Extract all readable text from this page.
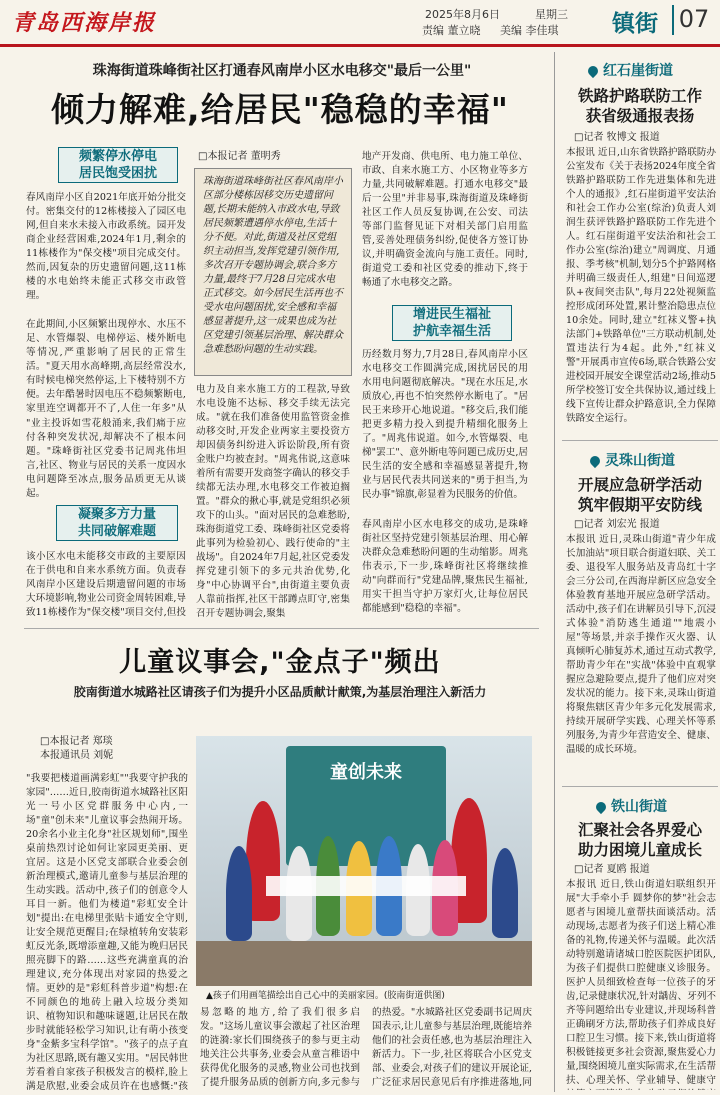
青岛西海岸报	2025年8月6日	星期三
责编 董立晓 美编 李佳琪 镇街 07
珠海街道珠峰街社区打通春风南岸小区水电移交"最后一公里"
倾力解难,给居民"稳稳的幸福"
频繁停水停电
居民饱受困扰
春风南岸小区自2021年底开始分批交付。密集交付的12栋楼接入了园区电网,但自来水未接入市政系统。园开发商企业经营困难,2024年1月,剩余的11栋楼作为"保交楼"项目完成交付。然而,因复杂的历史遗留问题,这11栋楼的水电始终未能正式移交市政管理。
在此期间,小区频繁出现停水、水压不足、水管爆裂、电梯停运、楼外断电等情况,严重影响了居民的正常生活。"夏天用水高峰期,高层经常没水,有时候电梯突然停运,上下楼特别不方便。去年酷暑时因电压不稳频繁断电,家里连空调都开不了,人住一年多"从
"业主投诉如雪花般涌来,我们痛于应付各种突发状况,却解决不了根本问题。"珠峰街社区党委书记周兆伟坦言,社区、物业与居民的关系一度因水电问题降至冰点,服务品质更无从谈起。
凝聚多方力量
共同破解难题
该小区水电未能移交市政的主要原因在于供电和自来水系统方面。负责春风南岸小区建设后期遗留问题的市场大环境影响,物业公司资金周转困难,导致11栋楼作为"保交楼"项目交付,但投
□本报记者 董明秀
珠海街道珠峰街社区春风南岸小区部分楼栋因移交历史遗留问题,长期未能纳入市政水电,导致居民频繁遭遇停水停电,生活十分不便。对此,街道及社区党组织主动担当,发挥党建引领作用,多次召开专题协调会,联合多方力量,最终于7月28日完成水电正式移交。如今居民生活再也不受水电问题困扰,安全感和幸福感显著提升,这一成果也成为社区党建引领基层治理、解决群众急难愁盼问题的生动实践。
电力及自来水施工方的工程款,导致水电设施不达标、移交手续无法完成。"就在我们准备使用监管资金推动移交时,开发企业两家主要投资方却因债务纠纷进入诉讼阶段,所有资金账户均被查封。"周兆伟说,这意味着所有需要开发商签字确认的移交手续都无法办理,水电移交工作被迫搁置。"群众的揪心事,就是党组织必须攻下的山头。"面对居民的急难愁盼,珠海街道党工委、珠峰街社区党委将此事列为检验初心、践行使命的"主战场"。自2024年7月起,社区党委发挥党建引领下的多元共治优势,化身"中心协调平台",由街道主要负责人靠前指挥,社区干部蹲点盯守,密集召开专题协调会,聚集
地产开发商、供电所、电力施工单位、市政、自来水施工方、小区物业等多方力量,共同破解难题。打通水电移交"最后一公里"并非易事,珠海街道及珠峰街社区工作人员反复协调,在公安、司法等部门监督见证下对相关部门启用监管,妥善处理债务纠纷,促使各方签订协议,并明确资金流向与施工责任。同时,街道党工委和社区党委的推动下,终于畅通了水电移交之路。
增进民生福祉
护航幸福生活
历经数月努力,7月28日,春风南岸小区水电移交工作圆满完成,困扰居民的用水用电问题彻底解决。"现在水压足,水质放心,再也不怕突然停水断电了。"居民王来珍开心地说道。"移交后,我们能把更多精力投入到提升精细化服务上了。"周兆伟说道。如今,水管爆裂、电梯"罢工"、意外断电等问题已成历史,居民生活的安全感和幸福感显著提升,物业与居民代表共同送来的"勇于担当,为民办事"锦旗,彰显着为民服务的价值。
春风南岸小区水电移交的成功,是珠峰街社区坚持党建引领基层治理、用心解决群众急难愁盼问题的生动缩影。周兆伟表示,下一步,珠峰街社区将继续推动"向群而行"党建品牌,聚焦民生福祉,用实干担当守护万家灯火,让每位居民都能感到"稳稳的幸福"。
儿童议事会,"金点子"频出
胶南街道水城路社区请孩子们为提升小区品质献计献策,为基层治理注入新活力
□本报记者 郑琰
本报通讯员 刘妮
童创未来
▲孩子们用画笔描绘出自己心中的美丽家园。(胶南街道供图)
"我要把楼道画满彩虹""我要守护我的家园"……近日,胶南街道水城路社区阳光一号小区党群服务中心内,一场"童"创未来"儿童议事会热闹开场。20余名小业主化身"社区规划师",围坐桌前热烈讨论如何让家园更美丽、更宜居。这是小区党支部联合业委会创新治理模式,邀请儿童参与基层治理的生动实践。活动中,孩子们的创意令人耳目一新。他们为楼道"彩虹安全计划"提出:在电梯里张贴卡通安全守则,让安全规范更醒目;在绿植转角安装彩虹反光条,既增添童趣,又能为晚归居民照亮脚下的路……这些充满童真的治理建议,充分体现出对家园的热爱之情。更妙的是"彩虹科普步道"构想:在不同颜色的地砖上融入垃圾分类知识、植物知识和趣味谜题,让居民在散步时就能轻松学习知识,让有萌小孩变身"金紫多宝科学馆"。"孩子的点子直为社区思路,既有趣又实用。"居民韩世芳看着自家孩子积极发言的模样,脸上满是欣慰,业委会成员许在也感慨:"孩
易忽略的地方,给了我们很多启发。"这场儿童议事会激起了社区治理的涟漪:家长们围绕孩子的参与更主动地关注公共事务,业委会从童言稚语中获得优化服务的灵感,物业公司也找到了提升服务品质的创新方向,多元参与
的热爱。"水城路社区党委副书记周庆国表示,让儿童参与基层治理,既能培养他们的社会责任感,也为基层治理注入新活力。下一步,社区将联合小区党支部、业委会,对孩子们的建议开展论证,广泛征求居民意见后有序推进落地,同
红石崖街道
铁路护路联防工作
获省级通报表扬
□记者 牧博文 报道
本报讯 近日,山东省铁路护路联防办公室发布《关于表扬2024年度全省铁路护路联防工作先进集体和先进个人的通报》,红石崖街道平安法治和社会工作办公室(综治)负责人刘润生获评铁路护路联防工作先进个人。红石崖街道平安法治和社会工作办公室(综治)建立"周调度、月通报、季考核"机制,划分5个护路网格并明确三级责任人,组建"日间巡逻队+夜间突击队",每月22处视频监控形成闭环处置,累计整治隐患点位10余处。同时,建立"红袜义警+执法部门+铁路单位"三方联动机制,处置违法行为4起。此外,"红袜义警"开展禹市宣传6场,联合铁路公安进校园开展安全课堂活动2场,推动5所学校签订安全共保协议,通过线上线下宣传让群众护路意识,全力保障铁路安全运行。
灵珠山街道
开展应急研学活动
筑牢假期平安防线
□记者 刘宏光 报道
本报讯 近日,灵珠山街道"青少年成长加油站"项目联合街道妇联、关工委、退役军人服务站及青岛红十字会三分公司,在西海岸新区应急安全体验教育基地开展应急研学活动。活动中,孩子们在讲解员引导下,沉浸式体验"消防逃生通道""地震小屋"等场景,并亲手操作灭火器、认真倾听心肺复苏术,通过互动式教学,帮助青少年在"实战"体验中直观掌握应急避险要点,提升了他们应对突发状况的能力。接下来,灵珠山街道将聚焦辖区青少年多元化发展需求,持续开展研学实践、心理关怀等系列服务,为青少年营造安全、健康、温暖的成长环境。
铁山街道
汇聚社会各界爱心
助力困境儿童成长
□记者 夏鸥 报道
本报讯 近日,铁山街道妇联组织开展"大手牵小手 圆梦你的梦"社会志愿者与困境儿童帮扶面谈活动。活动现场,志愿者为孩子们送上精心准备的礼物,传递关怀与温暖。此次活动特别邀请诸城口腔医院医护团队,为孩子们提供口腔健康义诊服务。医护人员细致检查每一位孩子的牙齿,记录健康状况,针对龋齿、牙列不齐等问题给出专业建议,并现场科普正确刷牙方法,帮助孩子们养成良好口腔卫生习惯。接下来,铁山街道将积极链接更多社会资源,聚焦爱心力量,围绕困境儿童实际需求,在生活帮扶、心理关怀、学业辅导、健康守
